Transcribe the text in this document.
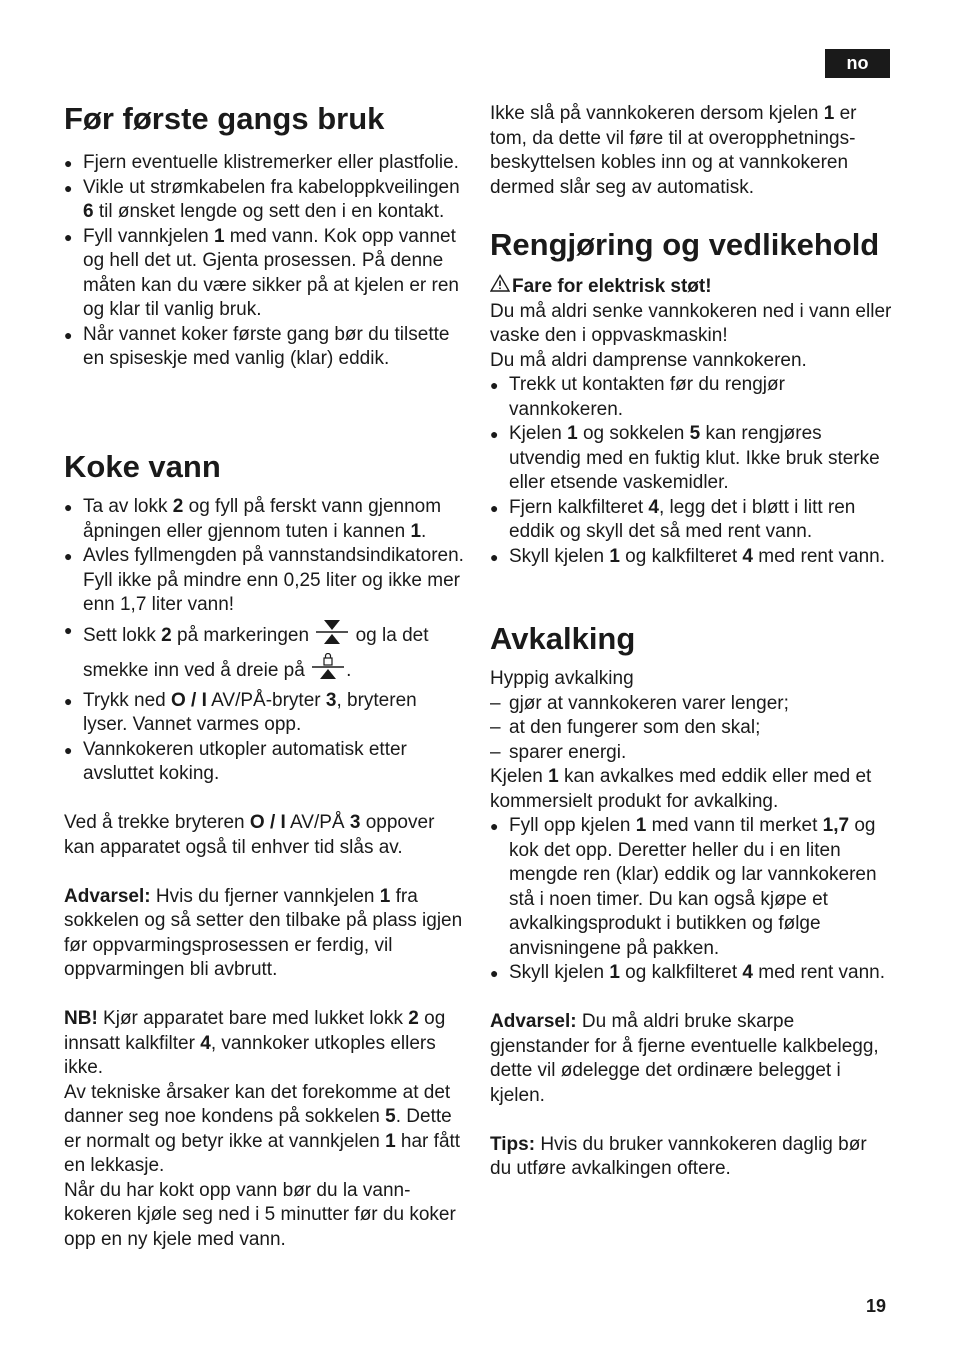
no
Før første gangs bruk
● Fjern eventuelle klistremerker eller plastfolie.
● Vikle ut strømkabelen fra kabeloppkveilingen 6 til ønsket lengde og sett den i en kontakt.
● Fyll vannkjelen 1 med vann. Kok opp vannet og hell det ut. Gjenta prosessen. På denne måten kan du være sikker på at kjelen er ren og klar til vanlig bruk.
● Når vannet koker første gang bør du tilsette en spiseskje med vanlig (klar) eddik.
Koke vann
● Ta av lokk 2 og fyll på ferskt vann gjennom åpningen eller gjennom tuten i kannen 1.
● Avles fyllmengden på vannstandsindikatoren. Fyll ikke på mindre enn 0,25 liter og ikke mer enn 1,7 liter vann!
● Sett lokk 2 på markeringen  og la det smekke inn ved å dreie på .
● Trykk ned O / I AV/PÅ-bryter 3, bryteren lyser. Vannet varmes opp.
● Vannkokeren utkopler automatisk etter avsluttet koking.

Ved å trekke bryteren O / I AV/PÅ 3 oppover kan apparatet også til enhver tid slås av.

Advarsel: Hvis du fjerner vannkjelen 1 fra sokkelen og så setter den tilbake på plass igjen før oppvarmingsprosessen er ferdig, vil oppvarmingen bli avbrutt.

NB! Kjør apparatet bare med lukket lokk 2 og innsatt kalkfilter 4, vannkoker utkoples ellers ikke.

Av tekniske årsaker kan det forekomme at det danner seg noe kondens på sokkelen 5. Dette er normalt og betyr ikke at vannkjelen 1 har fått en lekkasje.

Når du har kokt opp vann bør du la vann-kokeren kjøle seg ned i 5 minutter før du koker opp en ny kjele med vann.

Ikke slå på vannkokeren dersom kjelen 1 er tom, da dette vil føre til at overopphetnings-beskyttelsen kobles inn og at vannkokeren dermed slår seg av automatisk.

Rengjøring og vedlikehold

Fare for elektrisk støt!

Du må aldri senke vannkokeren ned i vann eller vaske den i oppvaskmaskin!

Du må aldri damprense vannkokeren.

● Trekk ut kontakten før du rengjør vannkokeren.
● Kjelen 1 og sokkelen 5 kan rengjøres utvendig med en fuktig klut. Ikke bruk sterke eller etsende vaskemidler.
● Fjern kalkfilteret 4, legg det i bløtt i litt ren eddik og skyll det så med rent vann.
● Skyll kjelen 1 og kalkfilteret 4 med rent vann.
Avkalking

Hyppig avkalking

– gjør at vannkokeren varer lenger;
– at den fungerer som den skal;
– sparer energi.

Kjelen 1 kan avkalkes med eddik eller med et kommersielt produkt for avkalking.

● Fyll opp kjelen 1 med vann til merket 1,7 og kok det opp. Deretter heller du i en liten mengde ren (klar) eddik og lar vannkokeren stå i noen timer. Du kan også kjøpe et avkalkingsprodukt i butikken og følge anvisningene på pakken.
● Skyll kjelen 1 og kalkfilteret 4 med rent vann.

Advarsel: Du må aldri bruke skarpe gjenstander for å fjerne eventuelle kalkbelegg, dette vil ødelegge det ordinære belegget i kjelen.

Tips: Hvis du bruker vannkokeren daglig bør du utføre avkalkingen oftere.

19
